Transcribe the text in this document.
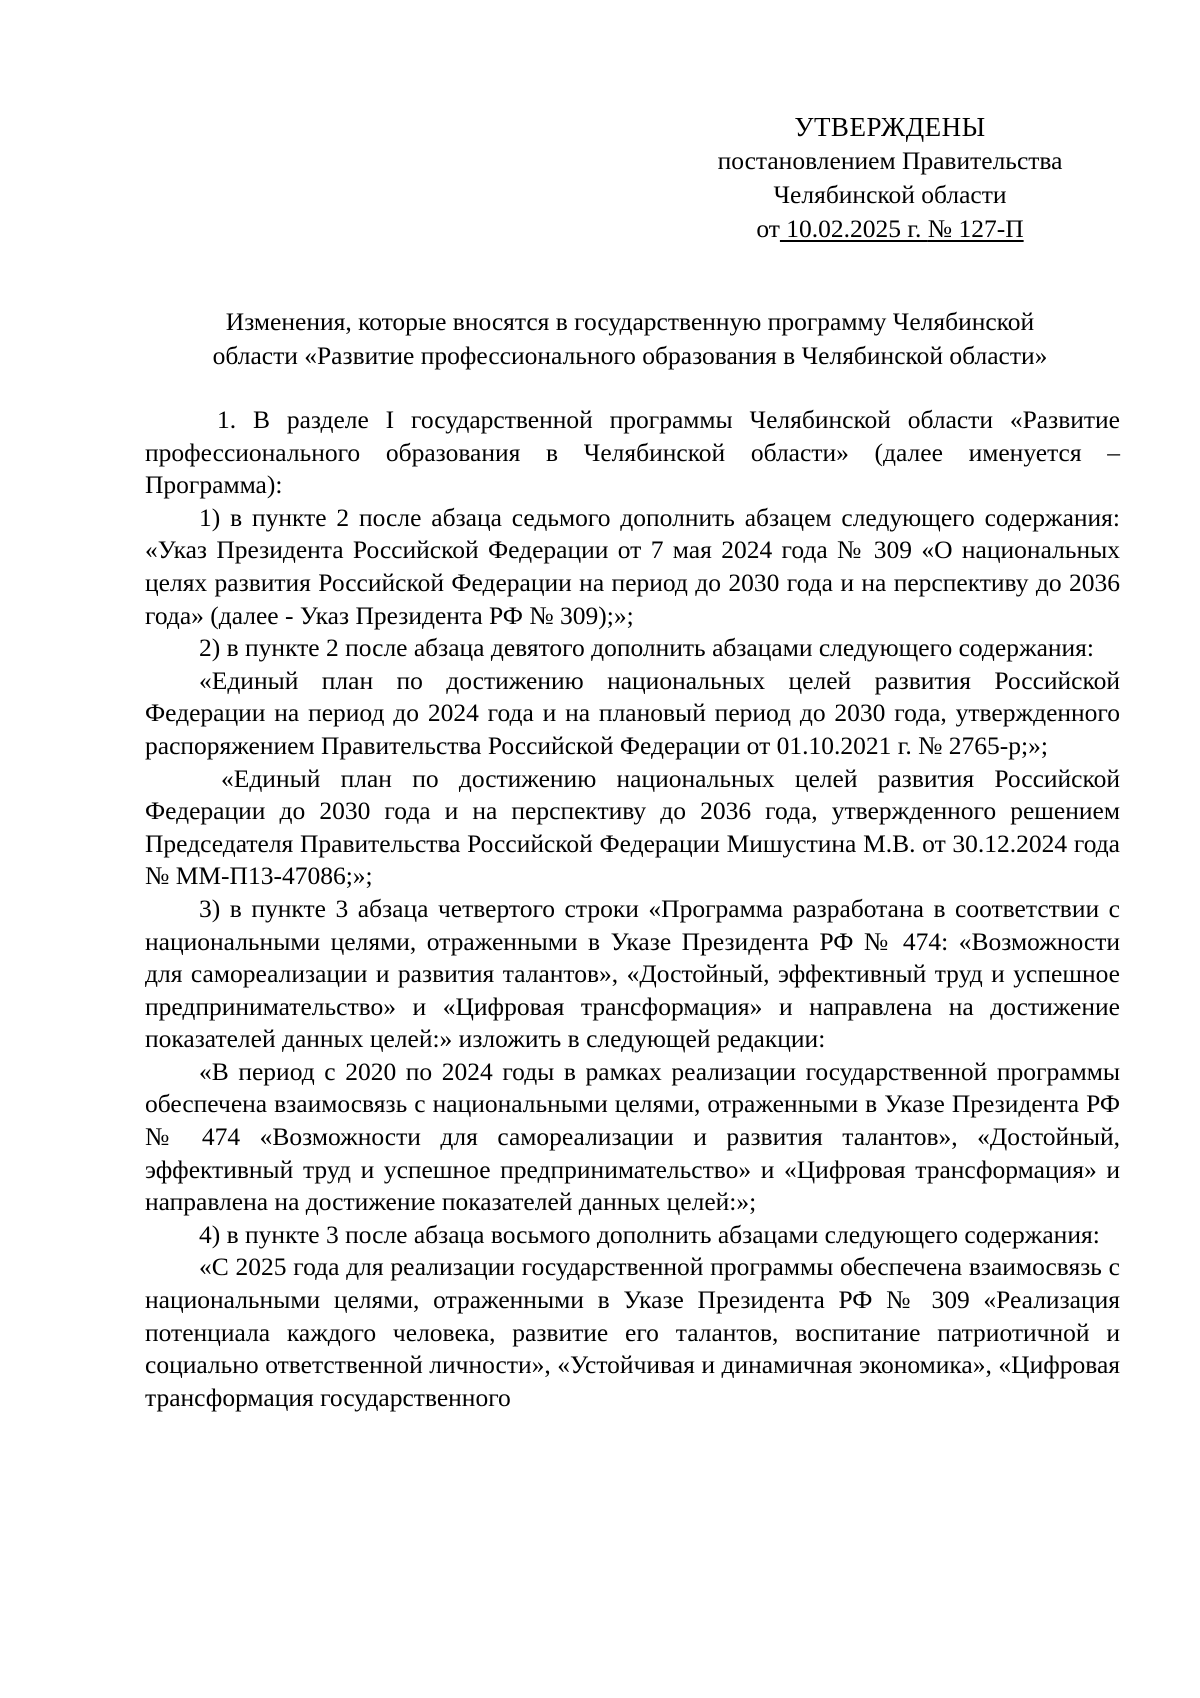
УТВЕРЖДЕНЫ
постановлением Правительства
Челябинской области
от 10.02.2025 г. № 127-П
Изменения, которые вносятся в государственную программу Челябинской
области «Развитие профессионального образования в Челябинской области»

1. В разделе I государственной программы Челябинской области «Развитие профессионального образования в Челябинской области» (далее именуется – Программа):

1) в пункте 2 после абзаца седьмого дополнить абзацем следующего содержания: «Указ Президента Российской Федерации от 7 мая 2024 года № 309 «О национальных целях развития Российской Федерации на период до 2030 года и на перспективу до 2036 года» (далее - Указ Президента РФ № 309);»;

2) в пункте 2 после абзаца девятого дополнить абзацами следующего содержания:

«Единый план по достижению национальных целей развития Российской Федерации на период до 2024 года и на плановый период до 2030 года, утвержденного распоряжением Правительства Российской Федерации от 01.10.2021 г. № 2765-р;»;

«Единый план по достижению национальных целей развития Российской Федерации до 2030 года и на перспективу до 2036 года, утвержденного решением Председателя Правительства Российской Федерации Мишустина М.В. от 30.12.2024 года № ММ-П13-47086;»;

3) в пункте 3 абзаца четвертого строки «Программа разработана в соответствии с национальными целями, отраженными в Указе Президента РФ № 474: «Возможности для самореализации и развития талантов», «Достойный, эффективный труд и успешное предпринимательство» и «Цифровая трансформация» и направлена на достижение показателей данных целей:» изложить в следующей редакции:

«В период с 2020 по 2024 годы в рамках реализации государственной программы обеспечена взаимосвязь с национальными целями, отраженными в Указе Президента РФ № 474 «Возможности для самореализации и развития талантов», «Достойный, эффективный труд и успешное предпринимательство» и «Цифровая трансформация» и направлена на достижение показателей данных целей:»;

4) в пункте 3 после абзаца восьмого дополнить абзацами следующего содержания:

«С 2025 года для реализации государственной программы обеспечена взаимосвязь с национальными целями, отраженными в Указе Президента РФ № 309 «Реализация потенциала каждого человека, развитие его талантов, воспитание патриотичной и социально ответственной личности», «Устойчивая и динамичная экономика», «Цифровая трансформация государственного
